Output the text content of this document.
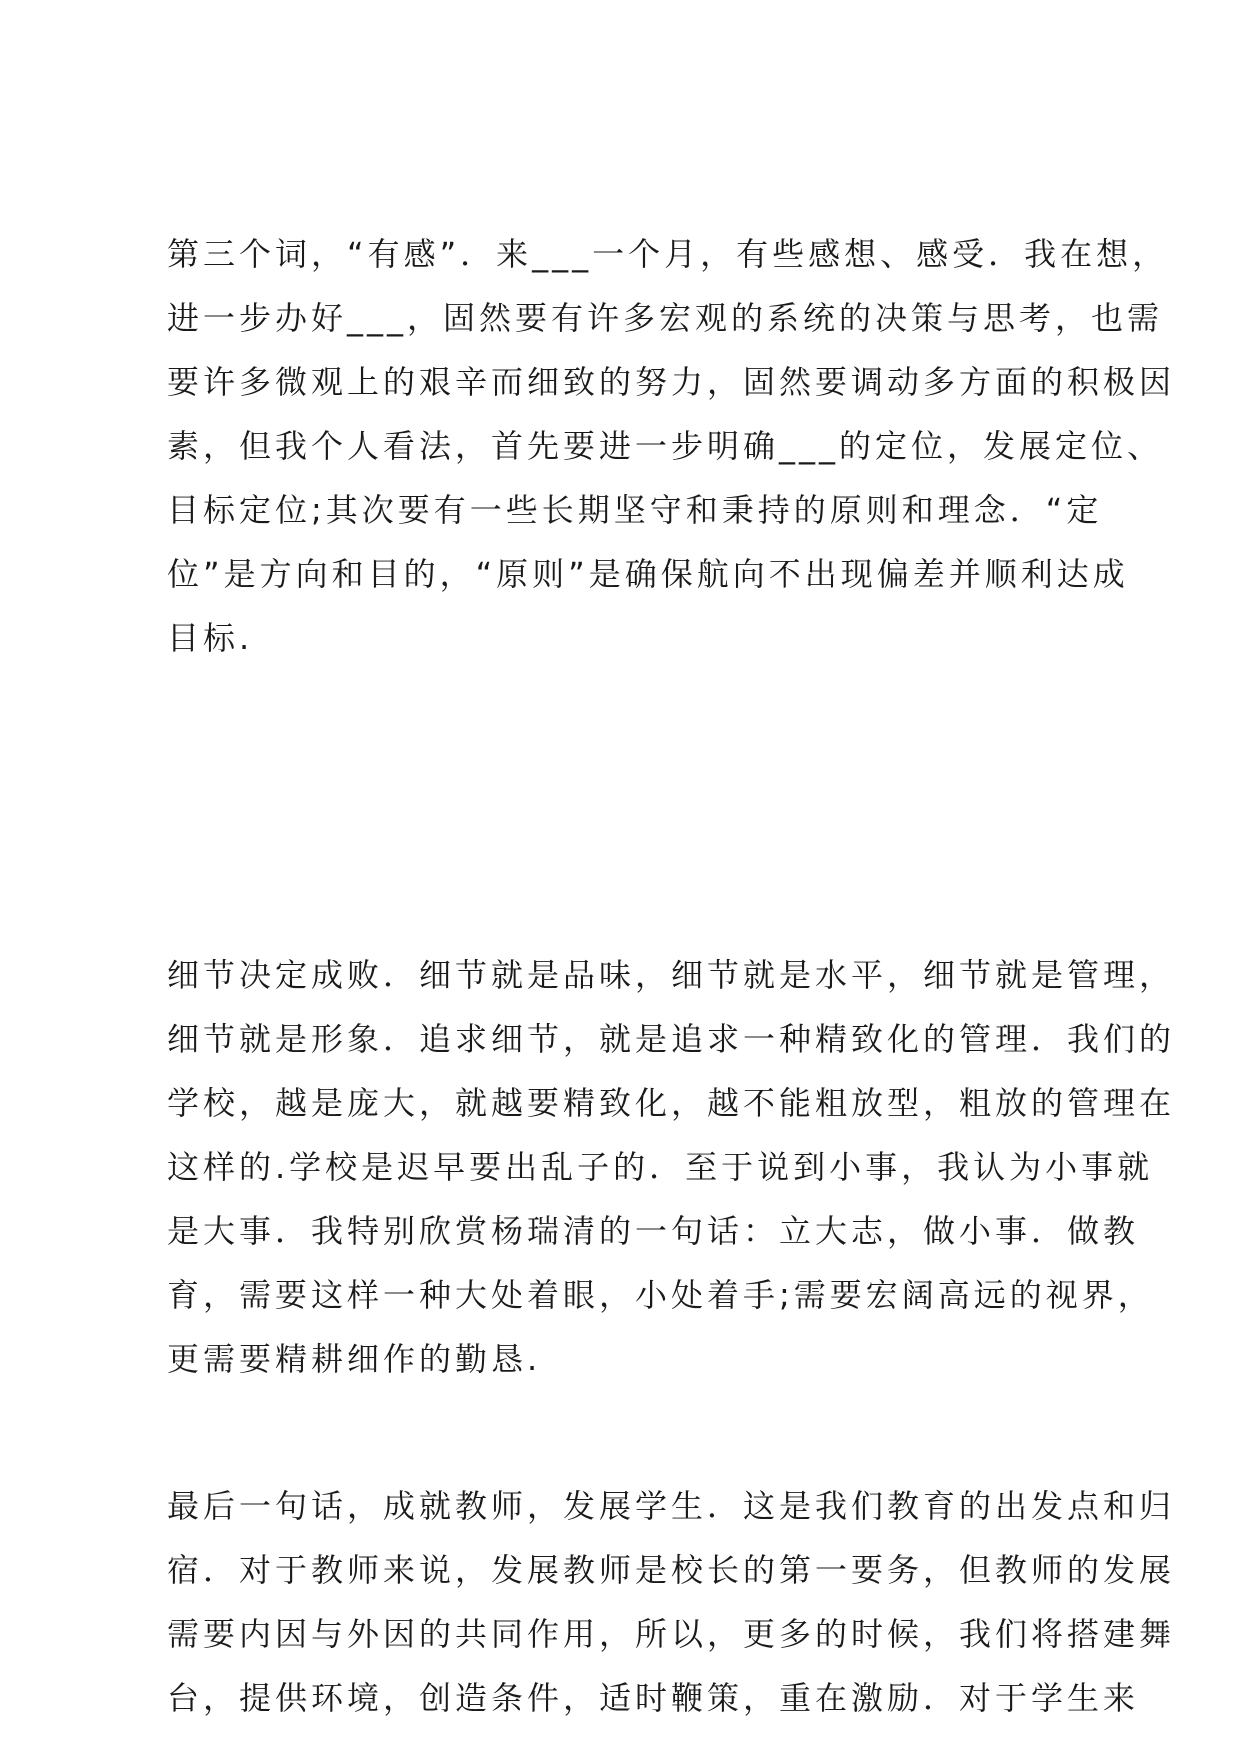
第三个词，“有感”．来___一个月，有些感想、感受．我在想，
进一步办好___，固然要有许多宏观的系统的决策与思考，也需
要许多微观上的艰辛而细致的努力，固然要调动多方面的积极因
素，但我个人看法，首先要进一步明确___的定位，发展定位、
目标定位;其次要有一些长期坚守和秉持的原则和理念．“定
位”是方向和目的，“原则”是确保航向不出现偏差并顺利达成
目标.
细节决定成败．细节就是品味，细节就是水平，细节就是管理，
细节就是形象．追求细节，就是追求一种精致化的管理．我们的
学校，越是庞大，就越要精致化，越不能粗放型，粗放的管理在
这样的.学校是迟早要出乱子的．至于说到小事，我认为小事就
是大事．我特别欣赏杨瑞清的一句话：立大志，做小事．做教
育，需要这样一种大处着眼，小处着手;需要宏阔高远的视界，
更需要精耕细作的勤恳.
最后一句话，成就教师，发展学生．这是我们教育的出发点和归
宿．对于教师来说，发展教师是校长的第一要务，但教师的发展
需要内因与外因的共同作用，所以，更多的时候，我们将搭建舞
台，提供环境，创造条件，适时鞭策，重在激励．对于学生来
